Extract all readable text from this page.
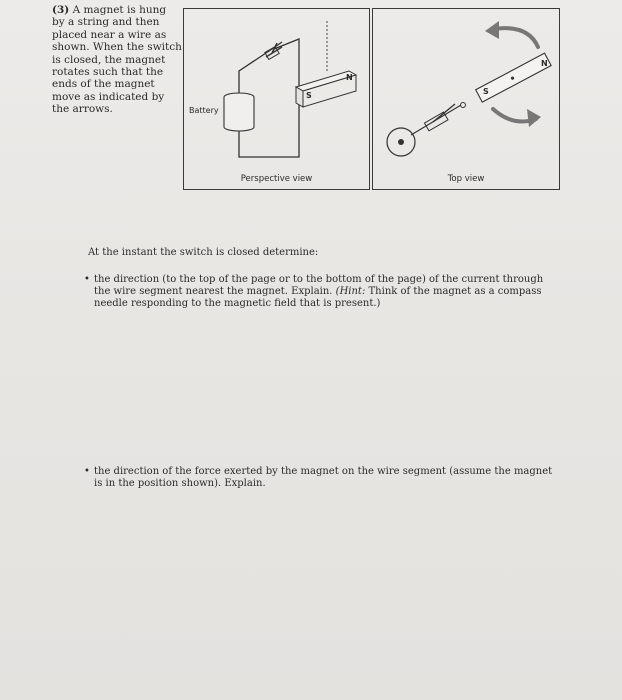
(3) A magnet is hung by a string and then placed near a wire as shown. When the switch is closed, the magnet rotates such that the ends of the magnet move as indicated by the arrows.	Battery
S
N
Perspective view
S
N
Top view

At the instant the switch is closed determine:

• the direction (to the top of the page or to the bottom of the page) of the current through the wire segment nearest the magnet. Explain. (Hint: Think of the magnet as a compass needle responding to the magnetic field that is present.)
• the direction of the force exerted by the magnet on the wire segment (assume the magnet is in the position shown). Explain.
